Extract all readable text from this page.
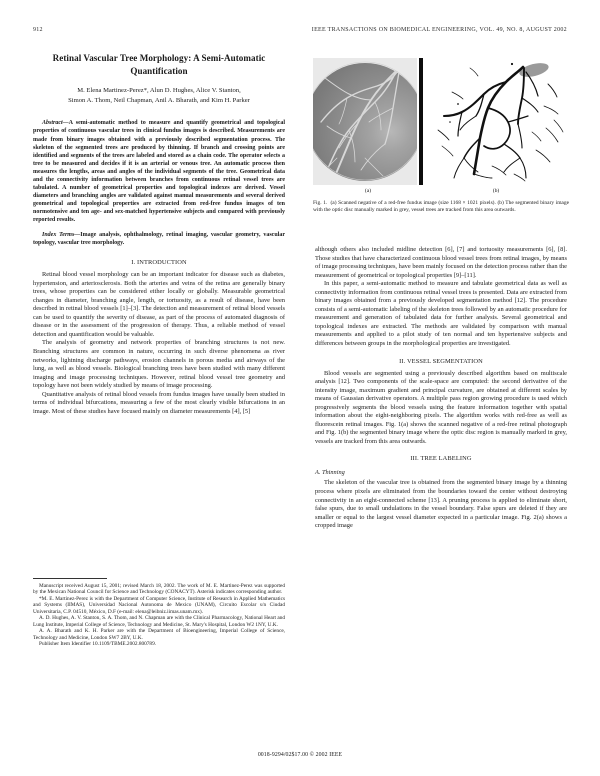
912	IEEE TRANSACTIONS ON BIOMEDICAL ENGINEERING, VOL. 49, NO. 8, AUGUST 2002
Retinal Vascular Tree Morphology: A Semi-Automatic Quantification
M. Elena Martinez-Perez*, Alun D. Hughes, Alice V. Stanton,
Simon A. Thom, Neil Chapman, Anil A. Bharath, and Kim H. Parker

Abstract—A semi-automatic method to measure and quantify geometrical and topological properties of continuous vascular trees in clinical fundus images is described. Measurements are made from binary images obtained with a previously described segmentation process. The skeleton of the segmented trees are produced by thinning. If branch and crossing points are identified and segments of the trees are labeled and stored as a chain code. The operator selects a tree to be measured and decides if it is an arterial or venous tree. An automatic process then measures the lengths, areas and angles of the individual segments of the tree. Geometrical data and the connectivity information between branches from continuous retinal vessel trees are tabulated. A number of geometrical properties and topological indexes are derived. Vessel diameters and branching angles are validated against manual measurements and several derived geometrical and topological properties are extracted from red-free fundus images of ten normotensive and ten age- and sex-matched hypertensive subjects and compared with previously reported results.

Index Terms—Image analysis, ophthalmology, retinal imaging, vascular geometry, vascular topology, vascular tree morphology.

I. INTRODUCTION

Retinal blood vessel morphology can be an important indicator for disease such as diabetes, hypertension, and arteriosclerosis. Both the arteries and veins of the retina are generally binary trees, whose properties can be considered either locally or globally. Measurable geometrical changes in diameter, branching angle, length, or tortuosity, as a result of disease, have been described in retinal blood vessels [1]–[3]. The detection and measurement of retinal blood vessels can be used to quantify the severity of disease, as part of the process of automated diagnosis of disease or in the assessment of the progression of therapy. Thus, a reliable method of vessel detection and quantification would be valuable.

The analysis of geometry and network properties of branching structures is not new. Branching structures are common in nature, occurring in such diverse phenomena as river networks, lightning discharge pathways, erosion channels in porous media and airways of the lung, as well as blood vessels. Biological branching trees have been studied with many different imaging and image processing techniques. However, retinal blood vessel tree geometry and topology have not been widely studied by means of image processing.

Quantitative analysis of retinal blood vessels from fundus images have usually been studied in terms of individual bifurcations, measuring a few of the most clearly visible bifurcations in an image. Most of these studies have focused mainly on diameter measurements [4], [5]

Manuscript received August 15, 2001; revised March 18, 2002. The work of M. E. Martinez-Perez was supported by the Mexican National Council for Science and Technology (CONACYT). Asterisk indicates corresponding author.

*M. E. Martinez-Perez is with the Department of Computer Science, Institute of Research in Applied Mathematics and Systems (IIMAS), Universidad Nacional Autonoma de Mexico (UNAM), Circuito Escolar s/n Ciudad Universitaria, C.P. 04510, México, D.F (e-mail: elena@leibniz.iimas.unam.mx).

A. D. Hughes, A. V. Stanton, S. A. Thom, and N. Chapman are with the Clinical Pharmacology, National Heart and Lung Institute, Imperial College of Science, Technology and Medicine, St. Mary's Hospital, London W2 1NY, U.K.

A. A. Bharath and K. H. Parker are with the Department of Bioengineering, Imperial College of Science, Technology and Medicine, London SW7 2BY, U.K.

Publisher Item Identifier 10.1109/TBME.2002.800789.

(a)	(b)
Fig. 1. (a) Scanned negative of a red-free fundus image (size 1168 × 1021 pixels). (b) The segmented binary image with the optic disc manually marked in grey, vessel trees are tracked from this area outwards.

although others also included midline detection [6], [7] and tortuosity measurements [6], [8]. Those studies that have characterized continuous blood vessel trees from retinal images, by means of image processing techniques, have been mainly focused on the detection process rather than the measurement of geometrical or topological properties [9]–[11].

In this paper, a semi-automatic method to measure and tabulate geometrical data as well as connectivity information from continuous retinal vessel trees is presented. Data are extracted from binary images obtained from a previously developed segmentation method [12]. The procedure consists of a semi-automatic labeling of the skeleton trees followed by an automatic procedure for measurement and generation of tabulated data for further analysis. Several geometrical and topological indexes are extracted. The methods are validated by comparison with manual measurements and applied to a pilot study of ten normal and ten hypertensive subjects and differences between groups in the morphological properties are investigated.

II. VESSEL SEGMENTATION

Blood vessels are segmented using a previously described algorithm based on multiscale analysis [12]. Two components of the scale-space are computed: the second derivative of the intensity image, maximum gradient and principal curvature, are obtained at different scales by means of Gaussian derivative operators. A multiple pass region growing procedure is used which progressively segments the blood vessels using the feature information together with spatial information about the eight-neighboring pixels. The algorithm works with red-free as well as fluorescein retinal images. Fig. 1(a) shows the scanned negative of a red-free retinal photograph and Fig. 1(b) the segmented binary image where the optic disc region is manually marked in grey, vessels are tracked from this area outwards.

III. TREE LABELING
A. Thinning

The skeleton of the vascular tree is obtained from the segmented binary image by a thinning process where pixels are eliminated from the boundaries toward the center without destroying connectivity in an eight-connected scheme [13]. A pruning process is applied to eliminate short, false spurs, due to small undulations in the vessel boundary. False spurs are deleted if they are smaller or equal to the largest vessel diameter expected in a particular image. Fig. 2(a) shows a cropped image

0018-9294/02$17.00 © 2002 IEEE
